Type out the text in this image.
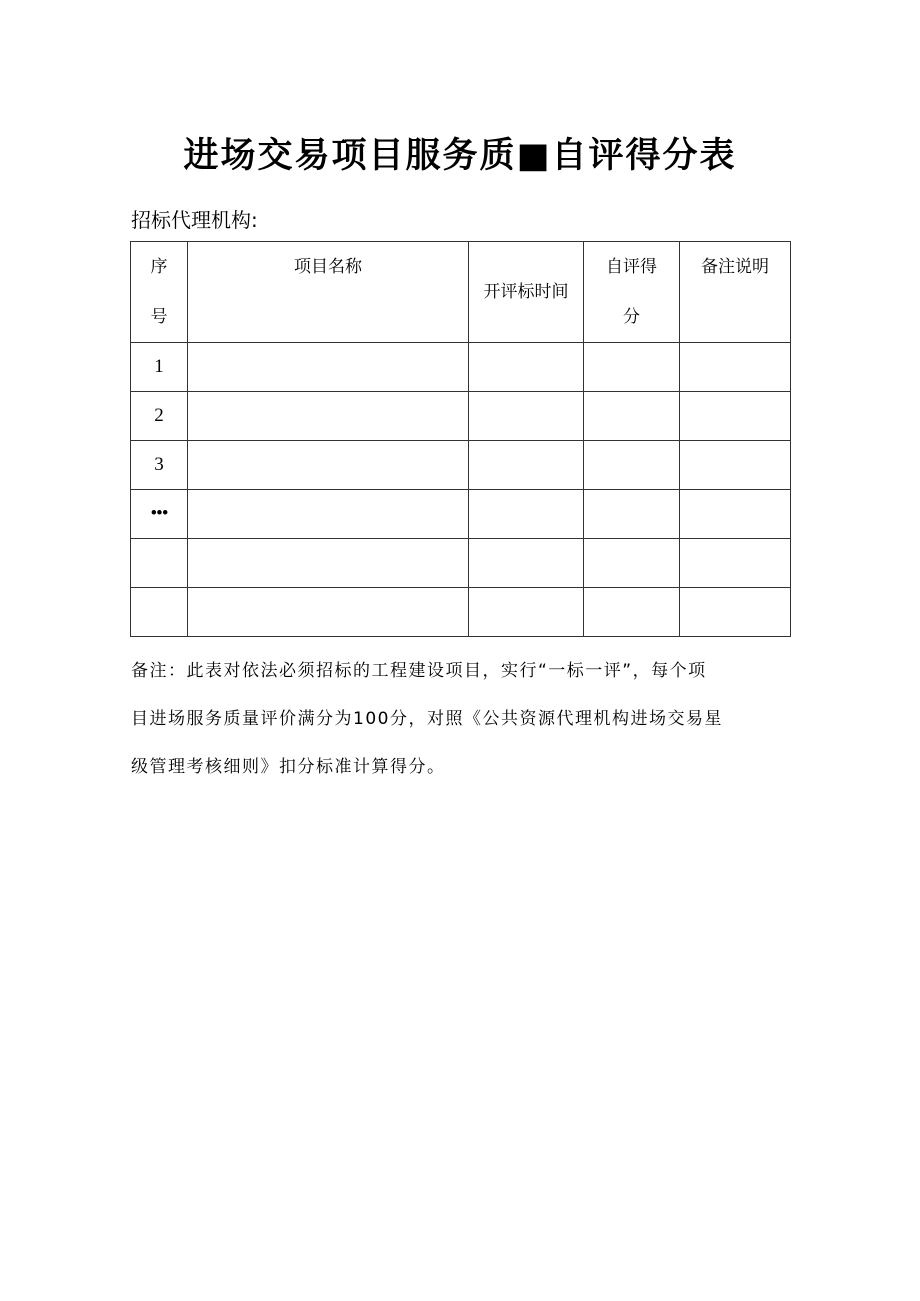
进场交易项目服务质■自评得分表
招标代理机构:
序号	项目名称	开评标时间	自评得分	备注说明

1				
2				
3				
•••				

备注：此表对依法必须招标的工程建设项目，实行“一标一评”，每个项
目进场服务质量评价满分为100分，对照《公共资源代理机构进场交易星
级管理考核细则》扣分标准计算得分。
